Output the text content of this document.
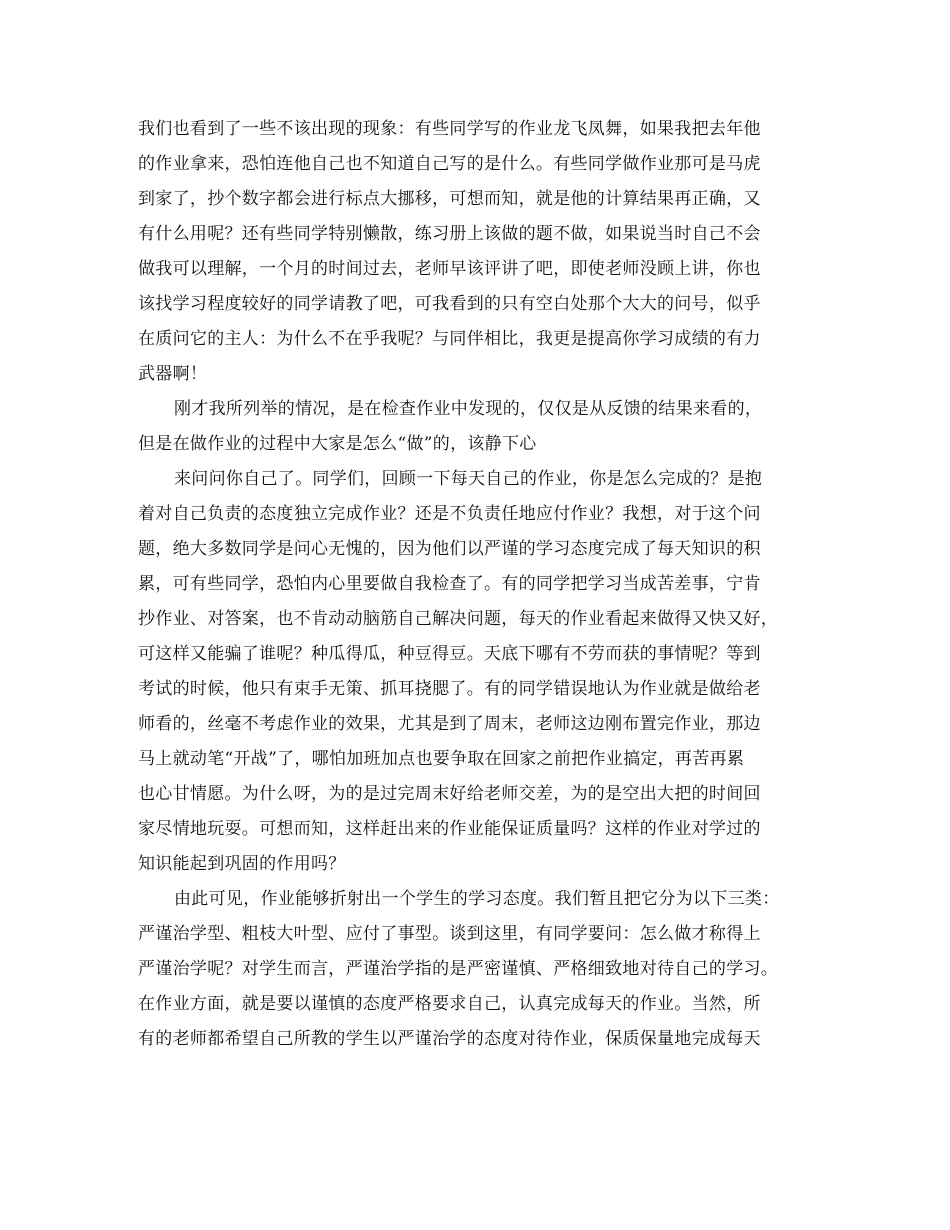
我们也看到了一些不该出现的现象：有些同学写的作业龙飞凤舞，如果我把去年他
的作业拿来，恐怕连他自己也不知道自己写的是什么。有些同学做作业那可是马虎
到家了，抄个数字都会进行标点大挪移，可想而知，就是他的计算结果再正确，又
有什么用呢？还有些同学特别懒散，练习册上该做的题不做，如果说当时自己不会
做我可以理解，一个月的时间过去，老师早该评讲了吧，即使老师没顾上讲，你也
该找学习程度较好的同学请教了吧，可我看到的只有空白处那个大大的问号，似乎
在质问它的主人：为什么不在乎我呢？与同伴相比，我更是提高你学习成绩的有力
武器啊！
刚才我所列举的情况，是在检查作业中发现的，仅仅是从反馈的结果来看的，
但是在做作业的过程中大家是怎么“做”的，该静下心
来问问你自己了。同学们，回顾一下每天自己的作业，你是怎么完成的？是抱
着对自己负责的态度独立完成作业？还是不负责任地应付作业？我想，对于这个问
题，绝大多数同学是问心无愧的，因为他们以严谨的学习态度完成了每天知识的积
累，可有些同学，恐怕内心里要做自我检查了。有的同学把学习当成苦差事，宁肯
抄作业、对答案，也不肯动动脑筋自己解决问题，每天的作业看起来做得又快又好，
可这样又能骗了谁呢？种瓜得瓜，种豆得豆。天底下哪有不劳而获的事情呢？等到
考试的时候，他只有束手无策、抓耳挠腮了。有的同学错误地认为作业就是做给老
师看的，丝毫不考虑作业的效果，尤其是到了周末，老师这边刚布置完作业，那边
马上就动笔“开战”了，哪怕加班加点也要争取在回家之前把作业搞定，再苦再累
也心甘情愿。为什么呀，为的是过完周末好给老师交差，为的是空出大把的时间回
家尽情地玩耍。可想而知，这样赶出来的作业能保证质量吗？这样的作业对学过的
知识能起到巩固的作用吗？
由此可见，作业能够折射出一个学生的学习态度。我们暂且把它分为以下三类：
严谨治学型、粗枝大叶型、应付了事型。谈到这里，有同学要问：怎么做才称得上
严谨治学呢？对学生而言，严谨治学指的是严密谨慎、严格细致地对待自己的学习。
在作业方面，就是要以谨慎的态度严格要求自己，认真完成每天的作业。当然，所
有的老师都希望自己所教的学生以严谨治学的态度对待作业，保质保量地完成每天
